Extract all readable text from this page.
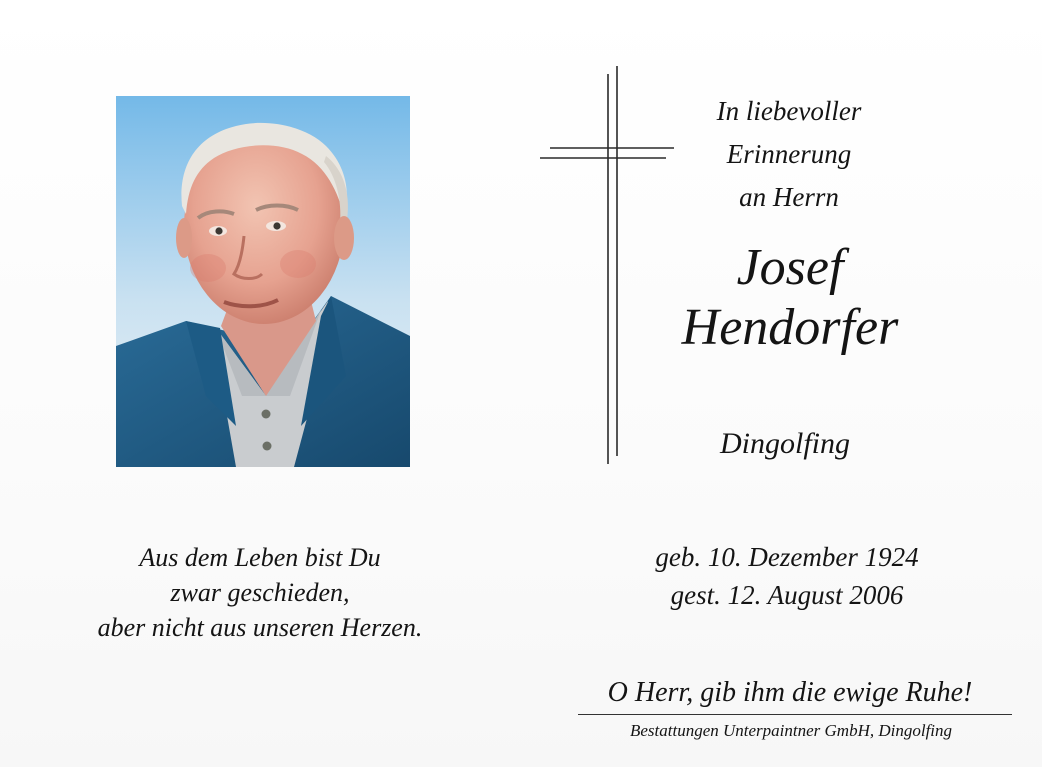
In liebevoller
Erinnerung
an Herrn
Josef
Hendorfer
Dingolfing
Aus dem Leben bist Du
zwar geschieden,
aber nicht aus unseren Herzen.
geb. 10. Dezember 1924
gest. 12. August 2006
O Herr, gib ihm die ewige Ruhe!
Bestattungen Unterpaintner GmbH, Dingolfing
